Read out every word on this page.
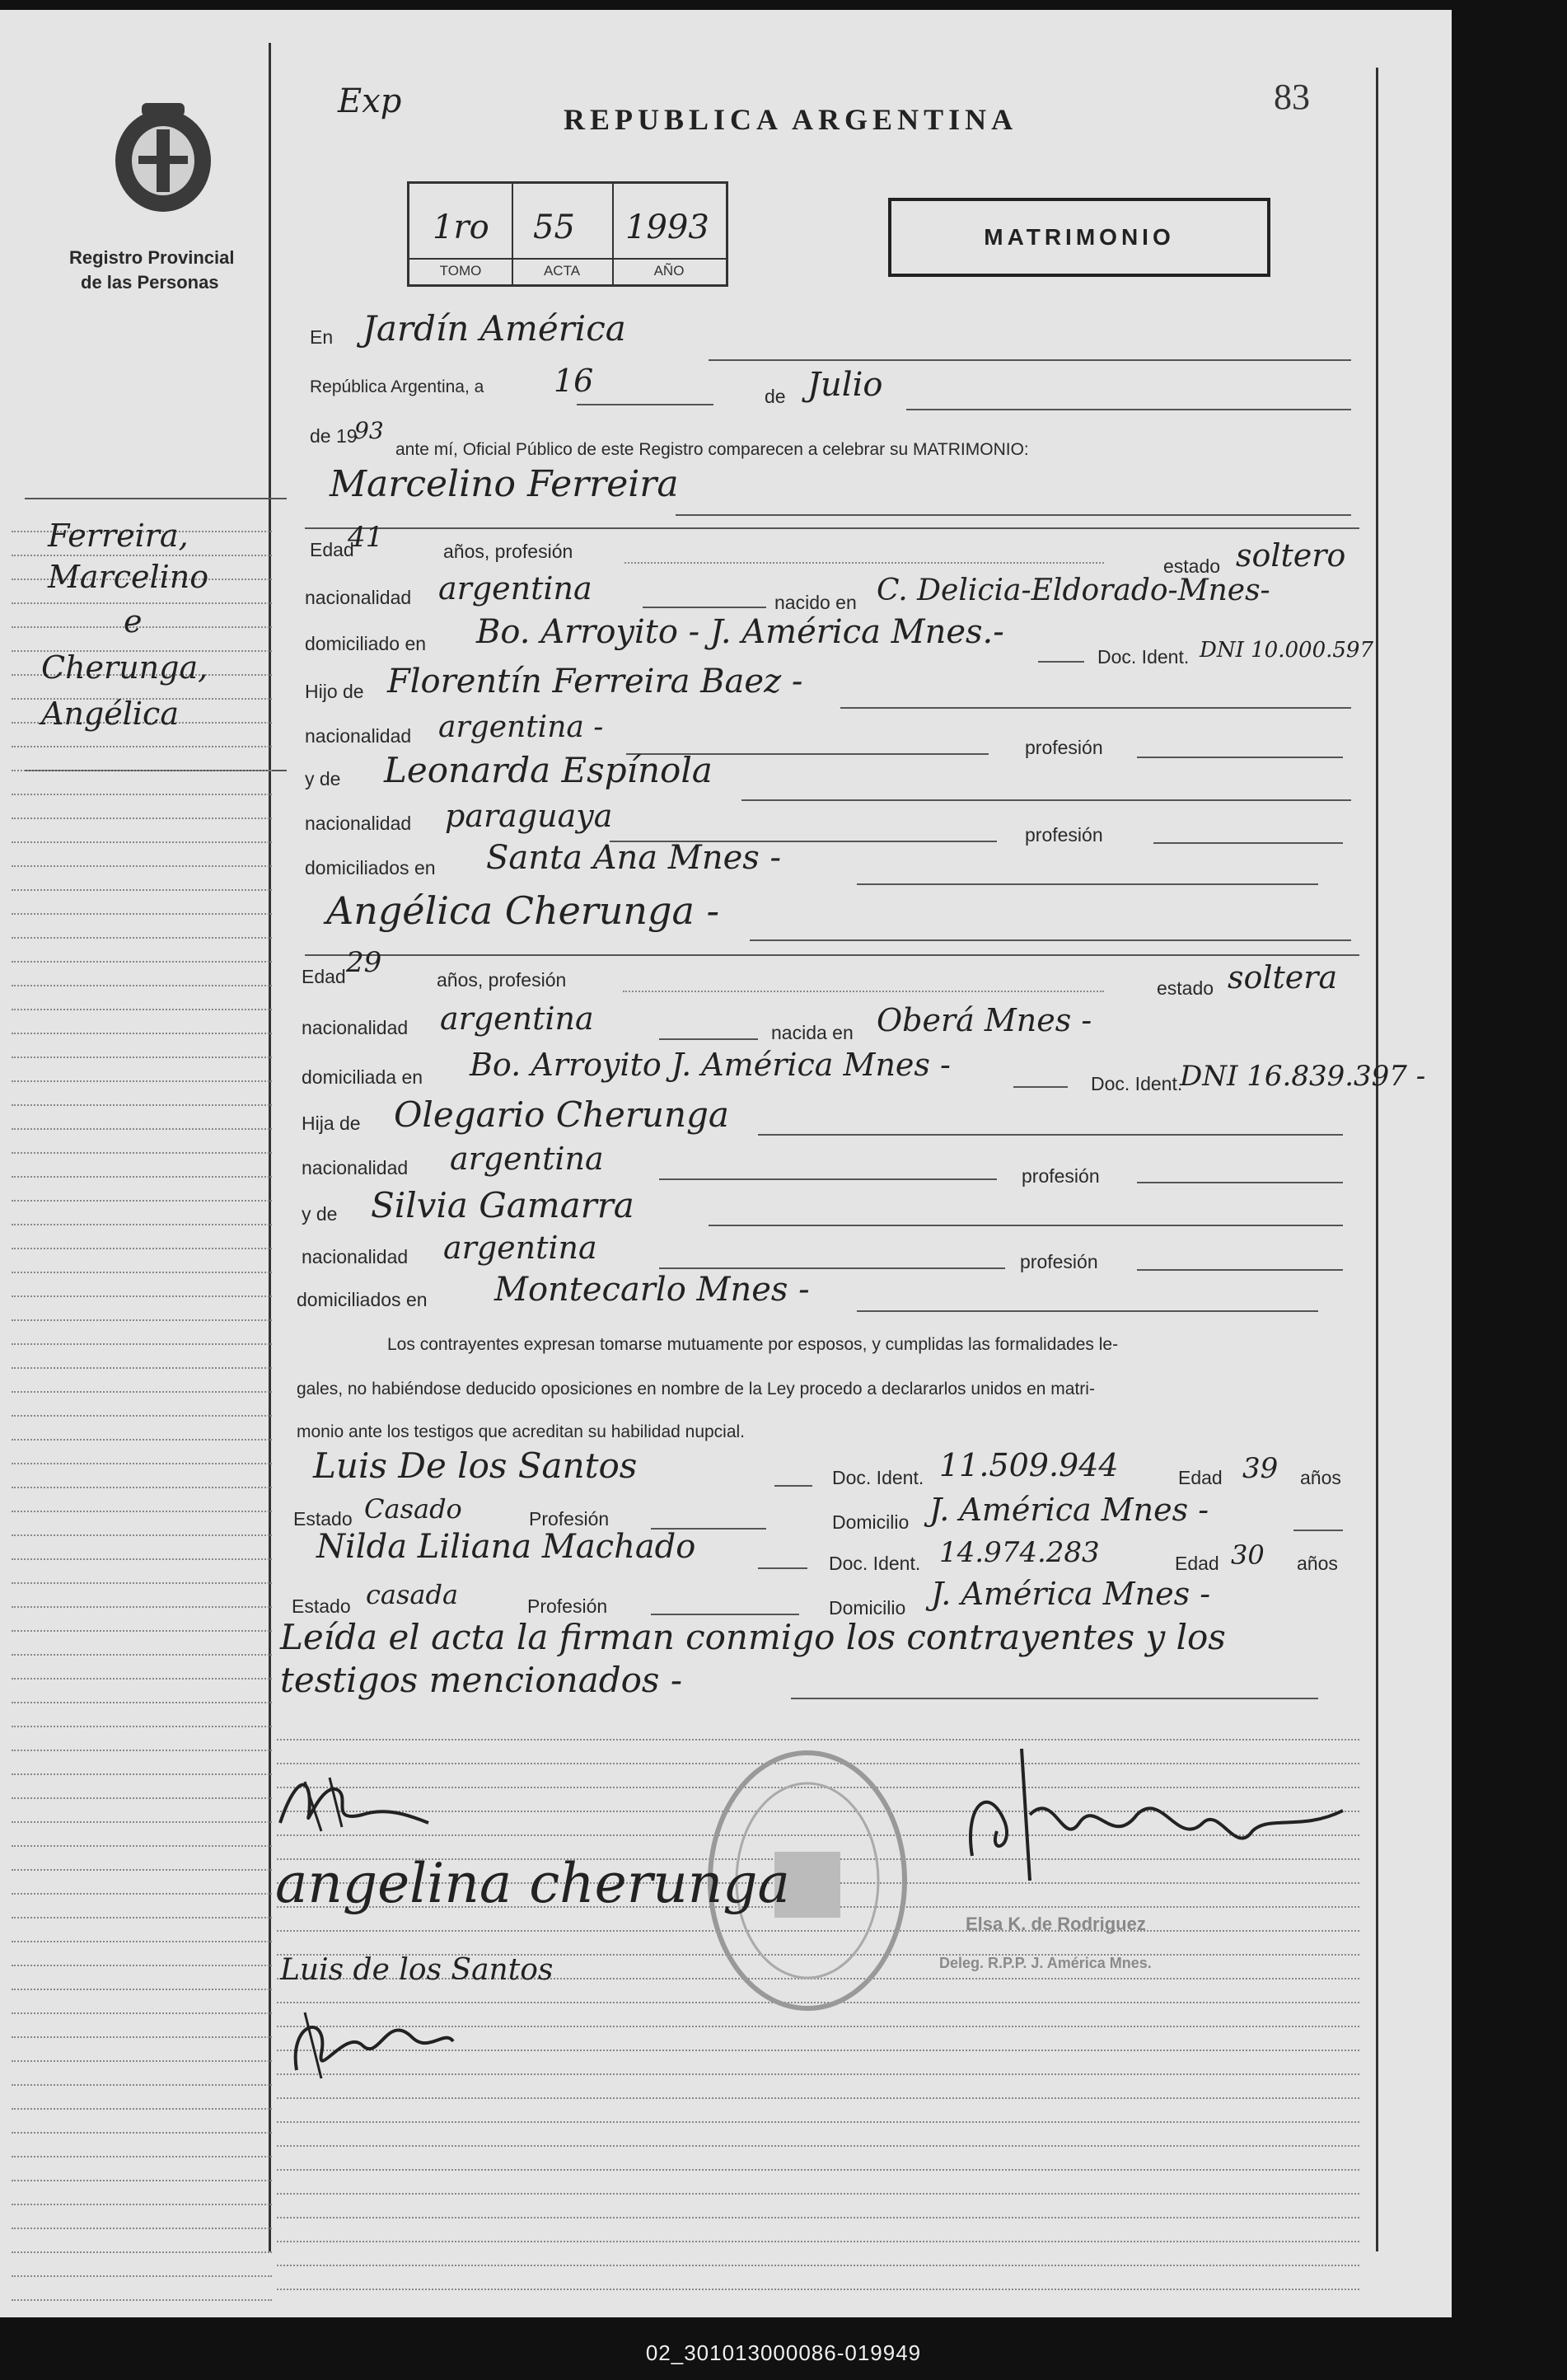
Ferreira,
Marcelino
e
Cherunga,
Angélica
Registro Provincial
de las Personas
Exp	REPUBLICA ARGENTINA
83
1ro 55 1993
TOMO	ACTA	AÑO
MATRIMONIO
En Jardín América
República Argentina, a 16	de Julio
de 19
93
ante mí, Oficial Público de este Registro comparecen a celebrar su MATRIMONIO:
Marcelino Ferreira
Edad
41	años, profesión
estado soltero
nacionalidad argentina	nacido en C. Delicia-Eldorado-Mnes-
domiciliado en Bo. Arroyito - J. América Mnes.-
Doc. Ident. DNI 10.000.597
Hijo de Florentín Ferreira Baez -
nacionalidad argentina -
profesión
y de Leonarda Espínola
nacionalidad paraguaya
profesión
domiciliados en Santa Ana Mnes -
Angélica Cherunga -
Edad 29
años, profesión	estado soltera
nacionalidad argentina	nacida en Oberá Mnes -
domiciliada en Bo. Arroyito J. América Mnes -
Doc. Ident.
DNI 16.839.397 -
Hija de Olegario Cherunga
nacionalidad argentina	profesión
y de Silvia Gamarra
nacionalidad argentina	profesión
domiciliados en Montecarlo Mnes -
Los contrayentes expresan tomarse mutuamente por esposos, y cumplidas las formalidades le-
gales, no habiéndose deducido oposiciones en nombre de la Ley procedo a declararlos unidos en matri-
monio ante los testigos que acreditan su habilidad nupcial.
Luis De los Santos	Doc. Ident. 11.509.944	Edad 39 años
Estado Casado	Profesión	Domicilio J. América Mnes -
Nilda Liliana Machado	Doc. Ident. 14.974.283	Edad 30 años
Estado casada	Profesión	Domicilio J. América Mnes -
Leída el acta la firman conmigo los contrayentes y los
testigos mencionados -
angelina cherunga
Luis de los Santos
Elsa K. de Rodriguez
Deleg. R.P.P. J. América Mnes.
02_301013000086-019949
